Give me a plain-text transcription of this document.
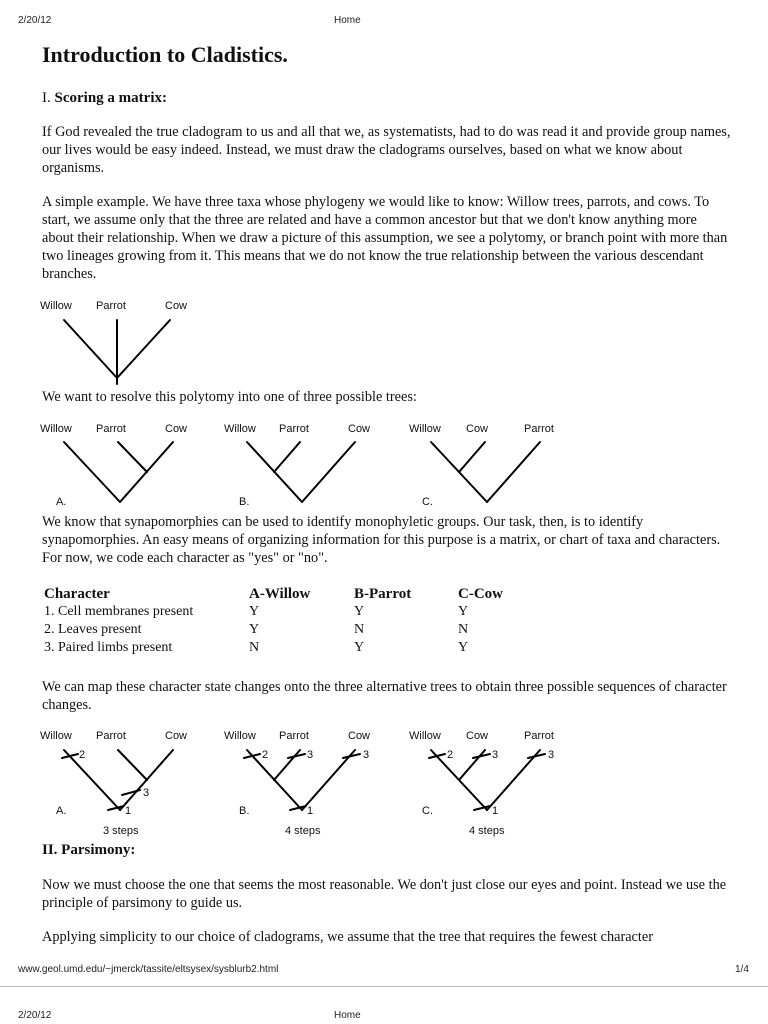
2/20/12	Home
Introduction to Cladistics.
I. Scoring a matrix:
If God revealed the true cladogram to us and all that we, as systematists, had to do was read it and provide group names, our lives would be easy indeed. Instead, we must draw the cladograms ourselves, based on what we know about organisms.
A simple example. We have three taxa whose phylogeny we would like to know: Willow trees, parrots, and cows. To start, we assume only that the three are related and have a common ancestor but that we don't know anything more about their relationship. When we draw a picture of this assumption, we see a polytomy, or branch point with more than two lineages growing from it. This means that we do not know the true relationship between the various descendant branches.
Willow Parrot	Cow
We want to resolve this polytomy into one of three possible trees:
Willow Parrot	Cow
A.
Willow Parrot	Cow
B.
Willow Cow	Parrot
C.
We know that synapomorphies can be used to identify monophyletic groups. Our task, then, is to identify synapomorphies. An easy means of organizing information for this purpose is a matrix, or chart of taxa and characters. For now, we code each character as "yes" or "no".
Character	A-Willow	B-Parrot	C-Cow
1. Cell membranes present	Y	Y	Y
2. Leaves present	Y	N	N
3. Paired limbs present	N	Y	Y
We can map these character state changes onto the three alternative trees to obtain three possible sequences of character changes.
Willow Parrot	Cow
2
3
1
A.
3 steps
Willow Parrot	Cow
2	3	3
1
B.
4 steps
Willow Cow	Parrot
2	3	3
1
C.
4 steps
II. Parsimony:
Now we must choose the one that seems the most reasonable. We don't just close our eyes and point. Instead we use the principle of parsimony to guide us.
Applying simplicity to our choice of cladograms, we assume that the tree that requires the fewest character
www.geol.umd.edu/~jmerck/tassite/eltsysex/sysblurb2.html	1/4
2/20/12	Home
